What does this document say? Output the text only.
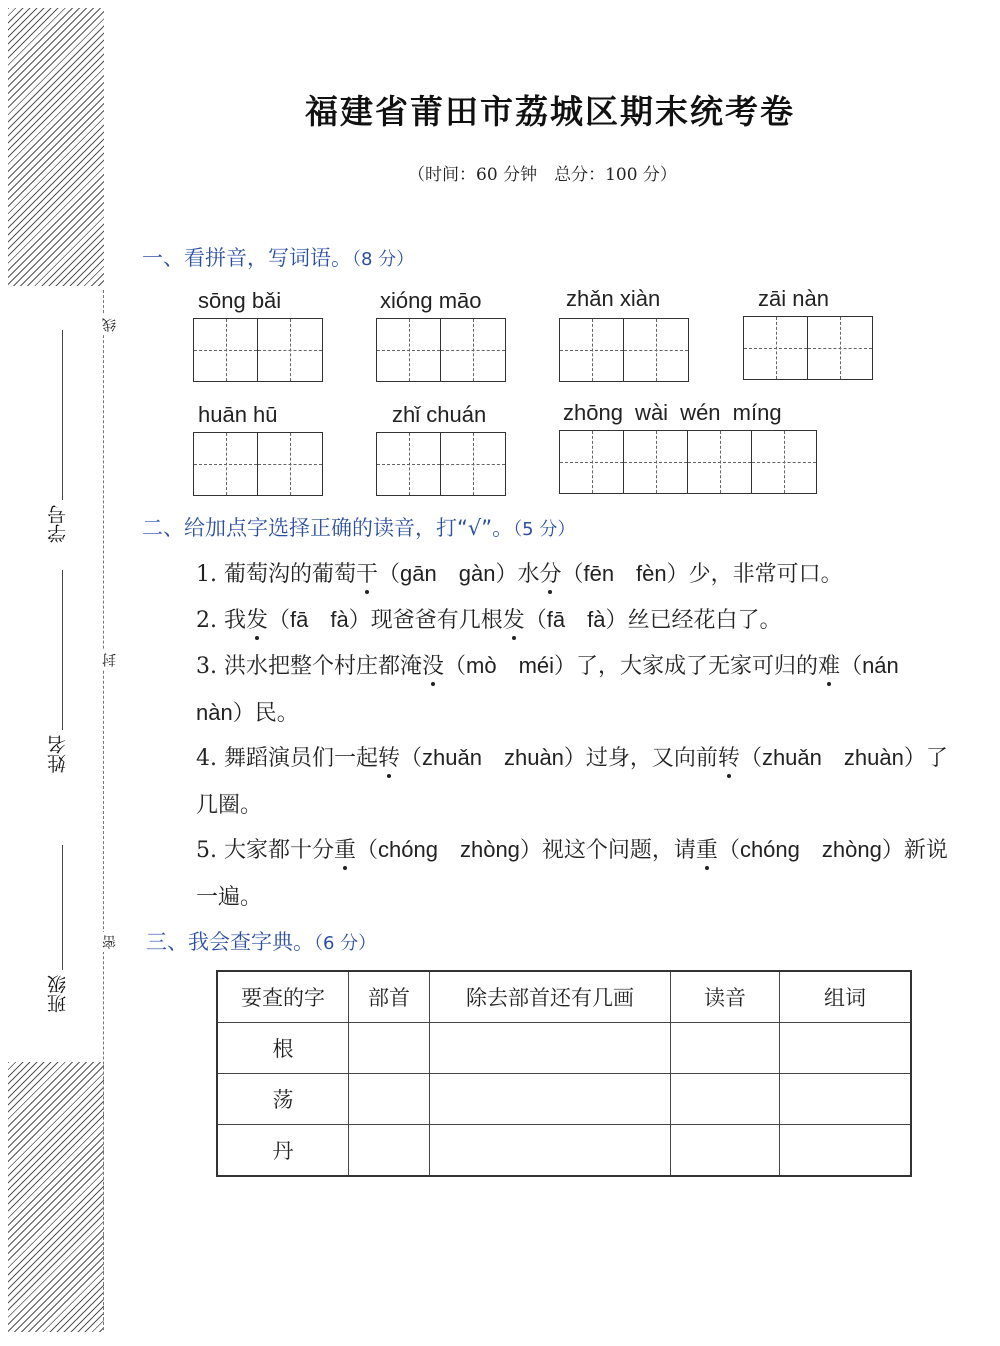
班级
姓名
学号
线
封
密
福建省莆田市荔城区期末统考卷
（时间：60 分钟　总分：100 分）
一、看拼音，写词语。（8 分）
sōng bǎi	xióng māo	zhǎn xiàn	zāi nàn
huān hū	zhǐ chuán	zhōng wài wén míng
二、给加点字选择正确的读音，打“√”。（5 分）
1. 葡萄沟的葡萄干（gān　gàn）水分（fēn　fèn）少，非常可口。
2. 我发（fā　fà）现爸爸有几根发（fā　fà）丝已经花白了。
3. 洪水把整个村庄都淹没（mò　méi）了，大家成了无家可归的难（nán　nàn）民。
4. 舞蹈演员们一起转（zhuǎn　zhuàn）过身，又向前转（zhuǎn　zhuàn）了几圈。
5. 大家都十分重（chóng　zhòng）视这个问题，请重（chóng　zhòng）新说一遍。
三、我会查字典。（6 分）
要查的字	部首	除去部首还有几画	读音	组词
根				
荡				
丹				
